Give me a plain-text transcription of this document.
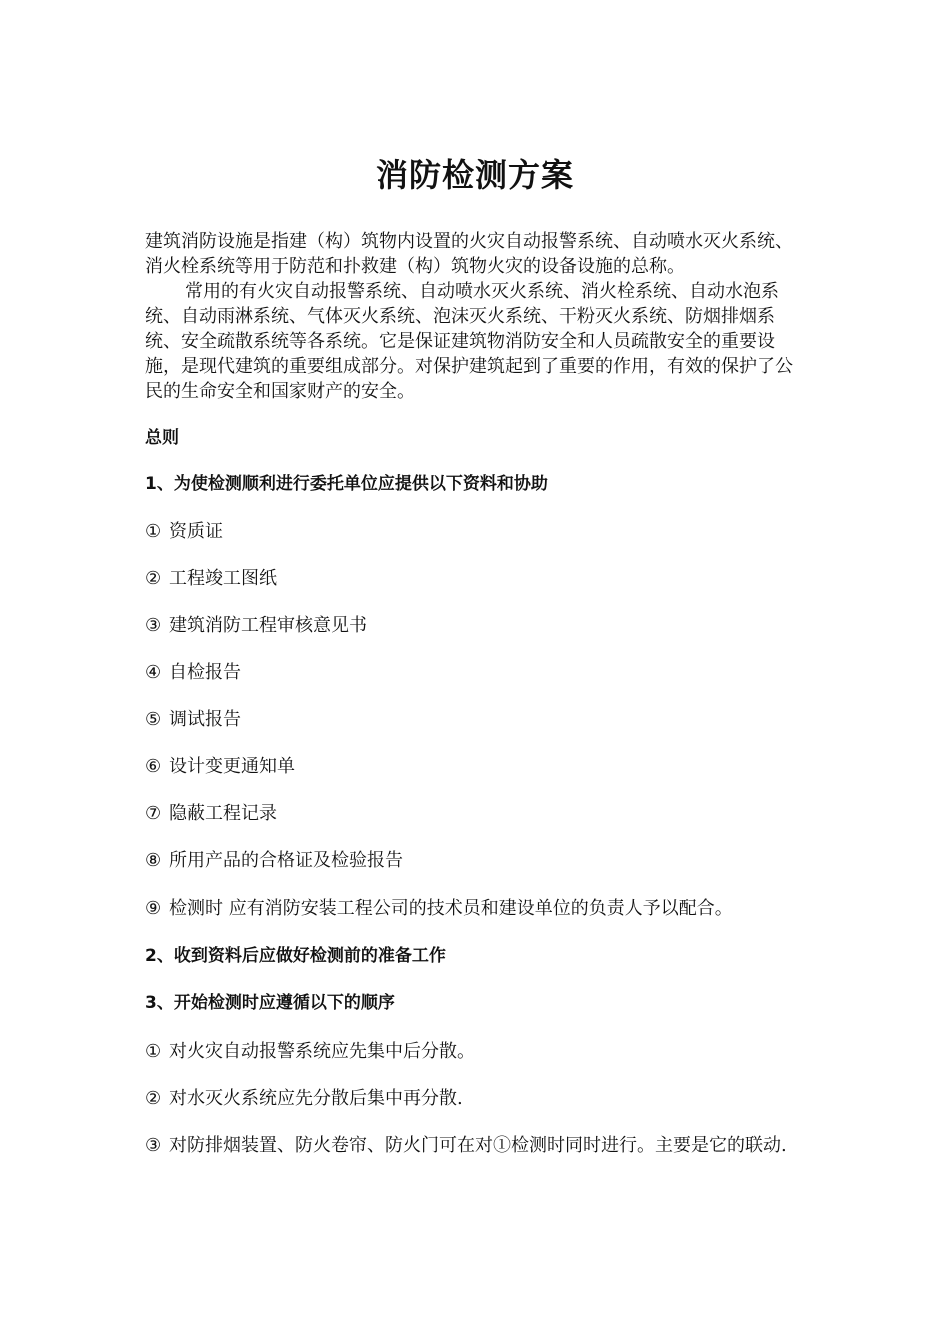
消防检测方案
建筑消防设施是指建（构）筑物内设置的火灾自动报警系统、自动喷水灭火系统、消火栓系统等用于防范和扑救建（构）筑物火灾的设备设施的总称。
常用的有火灾自动报警系统、自动喷水灭火系统、消火栓系统、自动水泡系统、自动雨淋系统、气体灭火系统、泡沫灭火系统、干粉灭火系统、防烟排烟系统、安全疏散系统等各系统。它是保证建筑物消防安全和人员疏散安全的重要设施，是现代建筑的重要组成部分。对保护建筑起到了重要的作用，有效的保护了公民的生命安全和国家财产的安全。
总则
1、为使检测顺利进行委托单位应提供以下资料和协助
① 资质证
② 工程竣工图纸
③ 建筑消防工程审核意见书
④ 自检报告
⑤ 调试报告
⑥ 设计变更通知单
⑦ 隐蔽工程记录
⑧ 所用产品的合格证及检验报告
⑨ 检测时 应有消防安装工程公司的技术员和建设单位的负责人予以配合。
2、收到资料后应做好检测前的准备工作
3、开始检测时应遵循以下的顺序
① 对火灾自动报警系统应先集中后分散。
② 对水灭火系统应先分散后集中再分散.
③ 对防排烟装置、防火卷帘、防火门可在对①检测时同时进行。主要是它的联动.
